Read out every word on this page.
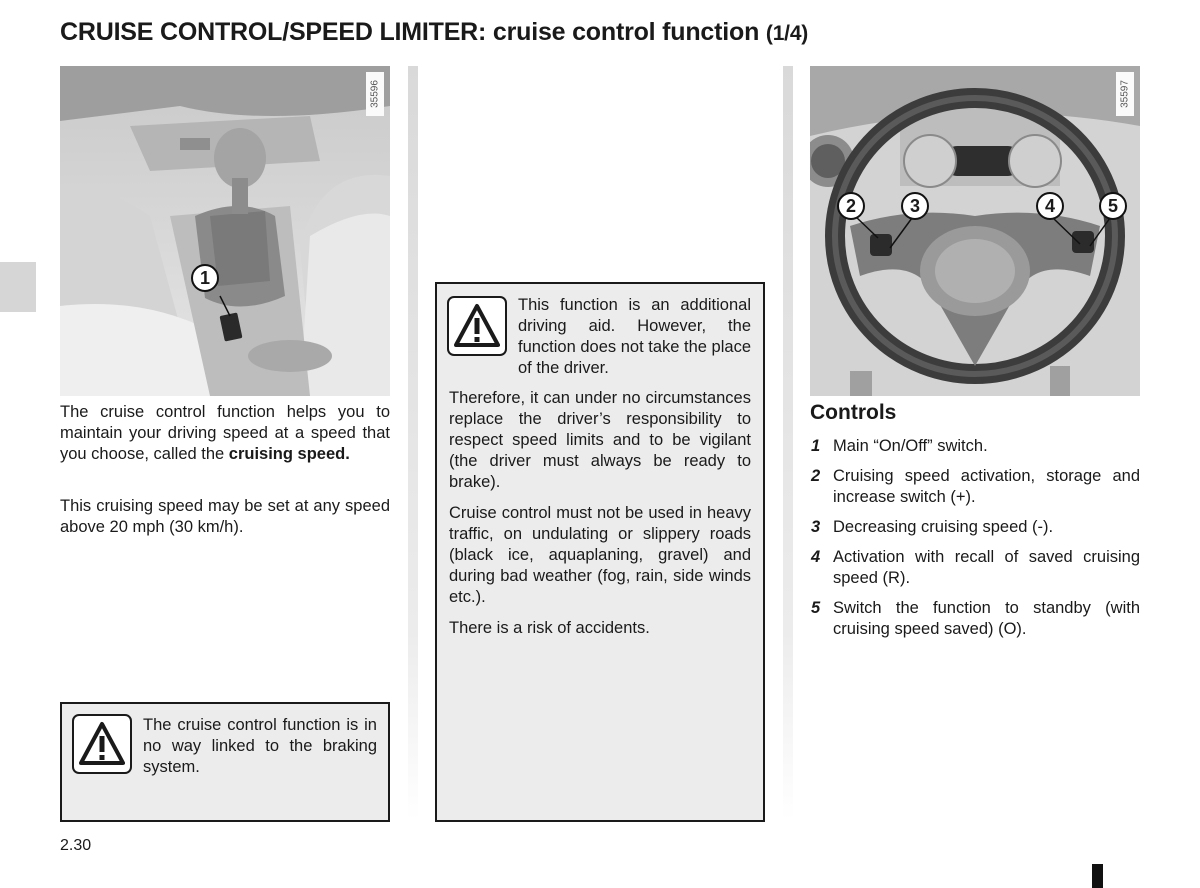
CRUISE CONTROL/SPEED LIMITER: cruise control function (1/4)
35596
1
The cruise control function helps you to maintain your driving speed at a speed that you choose, called the cruising speed.
This cruising speed may be set at any speed above 20 mph (30 km/h).
The cruise control function is in no way linked to the braking system.
This function is an additional driving aid. However, the function does not take the place of the driver.
Therefore, it can under no circumstances replace the driver’s responsibility to respect speed limits and to be vigilant (the driver must always be ready to brake).
Cruise control must not be used in heavy traffic, on undulating or slippery roads (black ice, aquaplaning, gravel) and during bad weather (fog, rain, side winds etc.).
There is a risk of accidents.
35597
2	3	4	5
Controls
1 Main “On/Off” switch.
2 Cruising speed activation, storage and increase switch (+).
3 Decreasing cruising speed (-).
4 Activation with recall of saved cruising speed (R).
5 Switch the function to standby (with cruising speed saved) (O).
2.30
